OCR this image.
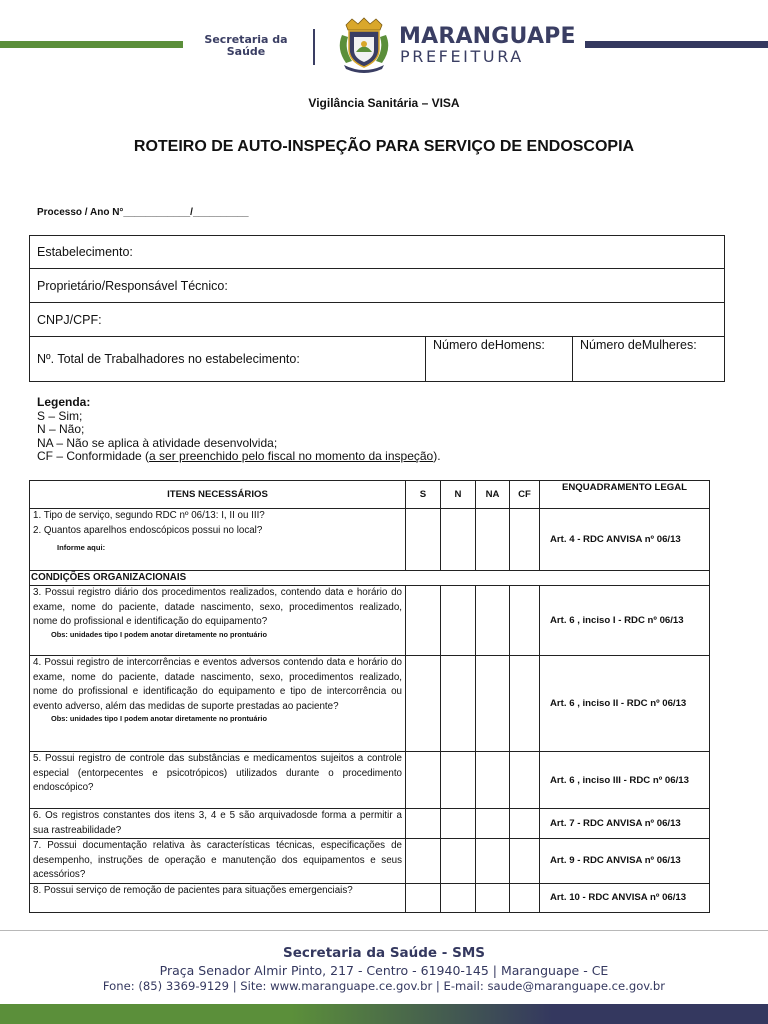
Secretaria da
Saúde
MARANGUAPE
PREFEITURA
Vigilância Sanitária – VISA
ROTEIRO DE AUTO-INSPEÇÃO PARA SERVIÇO DE ENDOSCOPIA
Processo / Ano N°____________/__________
Estabelecimento:
Proprietário/Responsável Técnico:
CNPJ/CPF:
Nº. Total de Trabalhadores no estabelecimento:	Número deHomens:	Número deMulheres:
Legenda:
S – Sim;
N – Não;
NA – Não se aplica à atividade desenvolvida;
CF – Conformidade (a ser preenchido pelo fiscal no momento da inspeção).
ITENS NECESSÁRIOS	S	N	NA	CF	ENQUADRAMENTO LEGAL

1. Tipo de serviço, segundo RDC nº 06/13: I, II ou III?
2. Quantos aparelhos endoscópicos possui no local?
Informe aqui:					Art. 4 - RDC ANVISA nº 06/13
CONDIÇÕES ORGANIZACIONAIS					

3. Possui registro diário dos procedimentos realizados, contendo data e horário do exame, nome do paciente, datade nascimento, sexo, procedimentos realizado, nome do profissional e identificação do equipamento?
Obs: unidades tipo I podem anotar diretamente no prontuário					Art. 6 , inciso I - RDC nº 06/13

4. Possui registro de intercorrências e eventos adversos contendo data e horário do exame, nome do paciente, datade nascimento, sexo, procedimentos realizado, nome do profissional e identificação do equipamento e tipo de intercorrência ou evento adverso, além das medidas de suporte prestadas ao paciente?
Obs: unidades tipo I podem anotar diretamente no prontuário					Art. 6 , inciso II - RDC nº 06/13

5. Possui registro de controle das substâncias e medicamentos sujeitos a controle especial (entorpecentes e psicotrópicos) utilizados durante o procedimento endoscópico?					Art. 6 , inciso III - RDC nº 06/13

6. Os registros constantes dos itens 3, 4 e 5 são arquivadosde forma a permitir a sua rastreabilidade?					Art. 7 - RDC ANVISA nº 06/13

7. Possui documentação relativa às características técnicas, especificações de desempenho, instruções de operação e manutenção dos equipamentos e seus acessórios?					Art. 9 - RDC ANVISA nº 06/13

8. Possui serviço de remoção de pacientes para situações emergenciais?					Art. 10 - RDC ANVISA nº 06/13
Secretaria da Saúde - SMS
Praça Senador Almir Pinto, 217 - Centro - 61940-145 | Maranguape - CE
Fone: (85) 3369-9129 | Site: www.maranguape.ce.gov.br | E-mail: saude@maranguape.ce.gov.br
